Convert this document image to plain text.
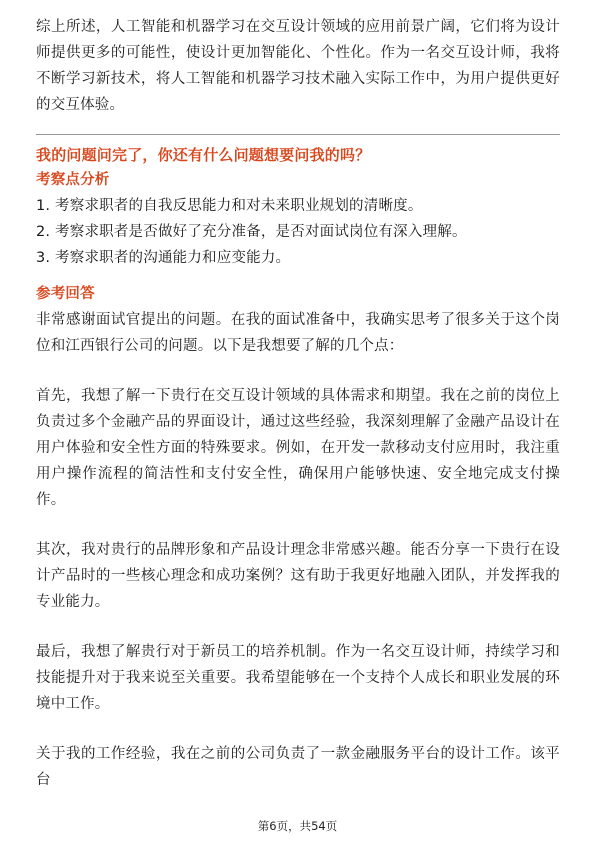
综上所述，人工智能和机器学习在交互设计领域的应用前景广阔，它们将为设计师提供更多的可能性，使设计更加智能化、个性化。作为一名交互设计师，我将不断学习新技术，将人工智能和机器学习技术融入实际工作中，为用户提供更好的交互体验。

我的问题问完了，你还有什么问题想要问我的吗？

考察点分析

1. 考察求职者的自我反思能力和对未来职业规划的清晰度。

2. 考察求职者是否做好了充分准备，是否对面试岗位有深入理解。

3. 考察求职者的沟通能力和应变能力。

参考回答

非常感谢面试官提出的问题。在我的面试准备中，我确实思考了很多关于这个岗位和江西银行公司的问题。以下是我想要了解的几个点：

首先，我想了解一下贵行在交互设计领域的具体需求和期望。我在之前的岗位上负责过多个金融产品的界面设计，通过这些经验，我深刻理解了金融产品设计在用户体验和安全性方面的特殊要求。例如，在开发一款移动支付应用时，我注重用户操作流程的简洁性和支付安全性，确保用户能够快速、安全地完成支付操作。

其次，我对贵行的品牌形象和产品设计理念非常感兴趣。能否分享一下贵行在设计产品时的一些核心理念和成功案例？这有助于我更好地融入团队，并发挥我的专业能力。

最后，我想了解贵行对于新员工的培养机制。作为一名交互设计师，持续学习和技能提升对于我来说至关重要。我希望能够在一个支持个人成长和职业发展的环境中工作。

关于我的工作经验，我在之前的公司负责了一款金融服务平台的设计工作。该平台

第6页，共54页
